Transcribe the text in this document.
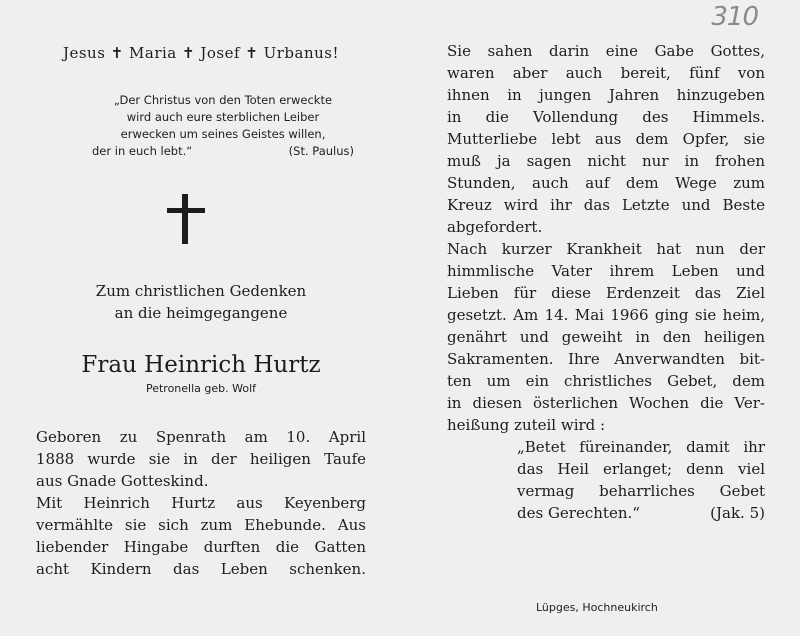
310
Jesus ✝ Maria ✝ Josef ✝ Urbanus!
„Der Christus von den Toten erweckte
wird auch eure sterblichen Leiber
erwecken um seines Geistes willen,
der in euch lebt.“	(St. Paulus)
Zum christlichen Gedenken
an die heimgegangene
Frau Heinrich Hurtz
Petronella geb. Wolf
Geboren zu Spenrath am 10. April
1888 wurde sie in der heiligen Taufe
aus Gnade Gotteskind.
Mit Heinrich Hurtz aus Keyenberg
vermählte sie sich zum Ehebunde. Aus
liebender Hingabe durften die Gatten
acht Kindern das Leben schenken.
Sie sahen darin eine Gabe Gottes,
waren aber auch bereit, fünf von
ihnen in jungen Jahren hinzugeben
in die Vollendung des Himmels.
Mutterliebe lebt aus dem Opfer, sie
muß ja sagen nicht nur in frohen
Stunden, auch auf dem Wege zum
Kreuz wird ihr das Letzte und Beste
abgefordert.
Nach kurzer Krankheit hat nun der
himmlische Vater ihrem Leben und
Lieben für diese Erdenzeit das Ziel
gesetzt. Am 14. Mai 1966 ging sie heim,
genährt und geweiht in den heiligen
Sakramenten. Ihre Anverwandten bit-
ten um ein christliches Gebet, dem
in diesen österlichen Wochen die Ver-
heißung zuteil wird :
„Betet füreinander, damit ihr
das Heil erlanget; denn viel
vermag beharrliches Gebet
des Gerechten.“	(Jak. 5)
Lüpges, Hochneukirch
